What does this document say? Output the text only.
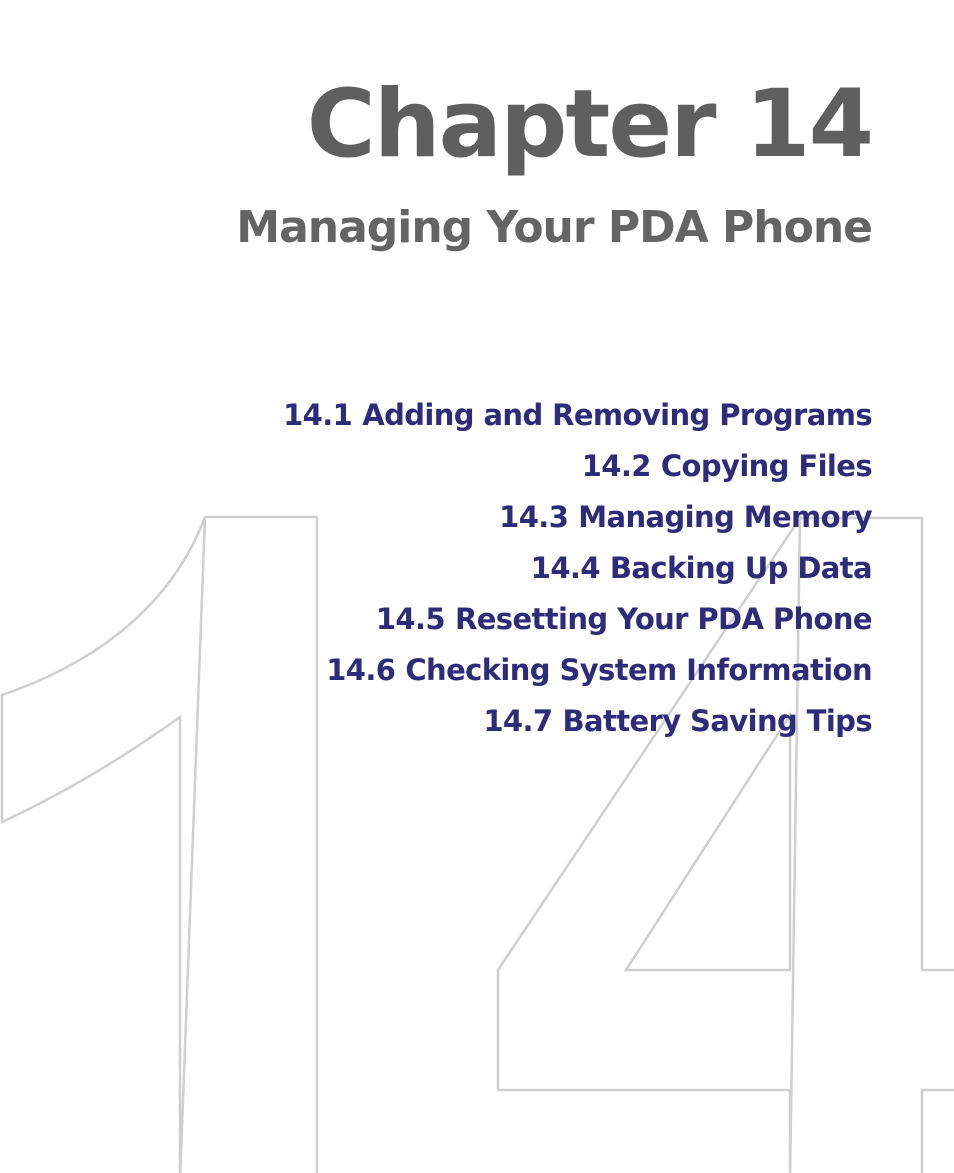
Chapter 14
Managing Your PDA Phone
14.1 Adding and Removing Programs
14.2 Copying Files
14.3 Managing Memory
14.4 Backing Up Data
14.5 Resetting Your PDA Phone
14.6 Checking System Information
14.7 Battery Saving Tips
